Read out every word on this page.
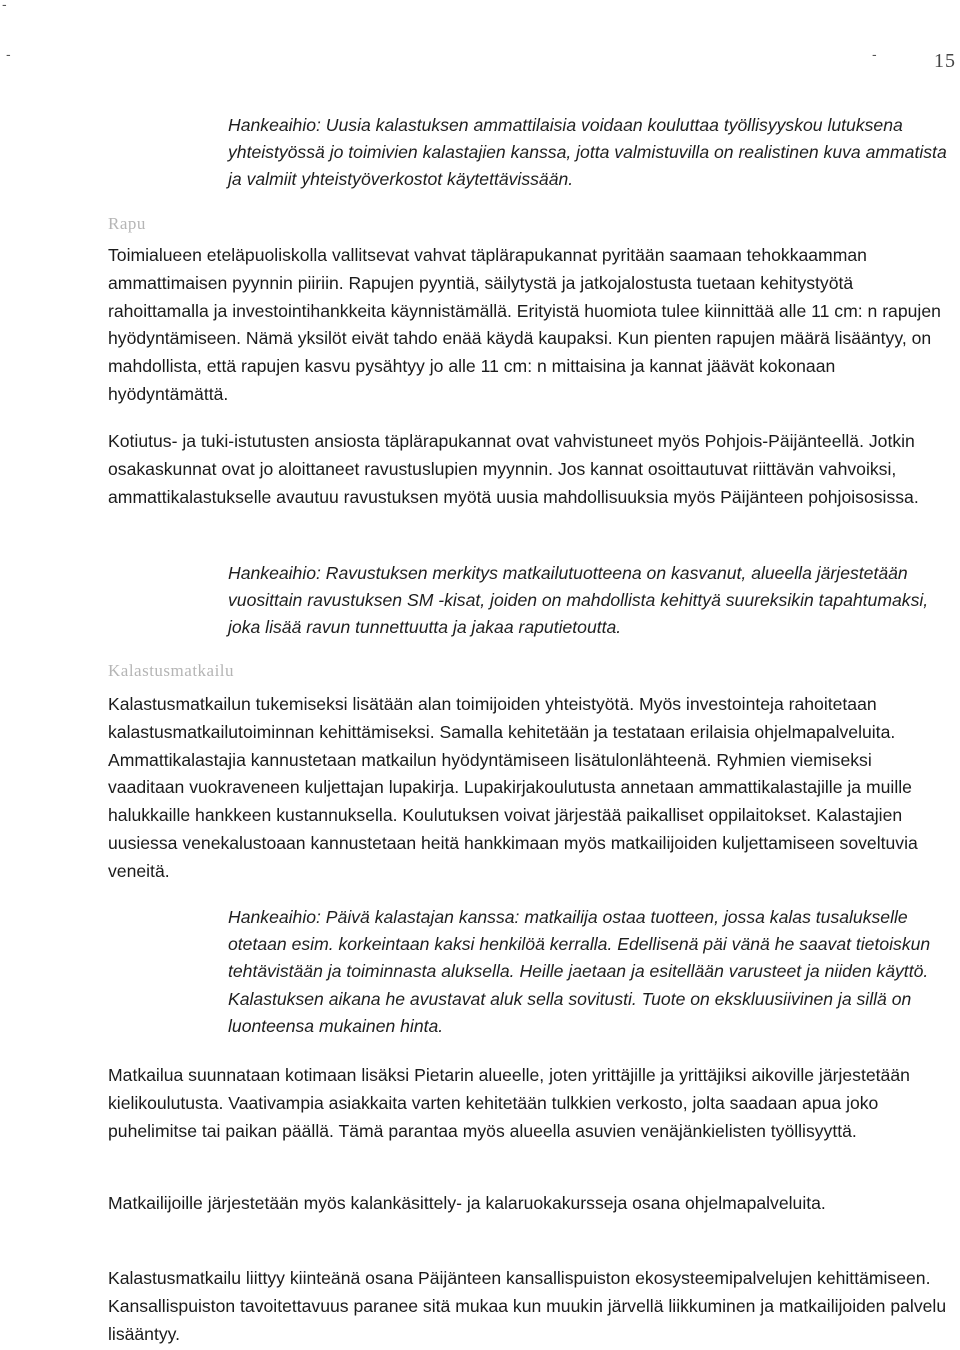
-
-	-	15

Hankeaihio: Uusia kalastuksen ammattilaisia voidaan kouluttaa työllisyyskou lutuksena yhteistyössä jo toimivien kalastajien kanssa, jotta valmistuvilla on realistinen kuva ammatista ja valmiit yhteistyöverkostot käytettävissään.

Rapu

Toimialueen eteläpuoliskolla vallitsevat vahvat täplärapukannat pyritään saamaan tehokkaamman ammattimaisen pyynnin piiriin. Rapujen pyyntiä, säilytystä ja jatkojalostusta tuetaan kehitystyötä rahoittamalla ja investointihankkeita käynnistämällä. Erityistä huomiota tulee kiinnittää alle 11 cm: n rapujen hyödyntämiseen. Nämä yksilöt eivät tahdo enää käydä kaupaksi. Kun pienten rapujen määrä lisääntyy, on mahdollista, että rapujen kasvu pysähtyy jo alle 11 cm: n mittaisina ja kannat jäävät kokonaan hyödyntämättä.

Kotiutus- ja tuki-istutusten ansiosta täplärapukannat ovat vahvistuneet myös Pohjois-Päijänteellä. Jotkin osakaskunnat ovat jo aloittaneet ravustuslupien myynnin. Jos kannat osoittautuvat riittävän vahvoiksi, ammattikalastukselle avautuu ravustuksen myötä uusia mahdollisuuksia myös Päijänteen pohjoisosissa.

Hankeaihio: Ravustuksen merkitys matkailutuotteena on kasvanut, alueella järjestetään vuosittain ravustuksen SM -kisat, joiden on mahdollista kehittyä suureksikin tapahtumaksi, joka lisää ravun tunnettuutta ja jakaa raputietoutta.

Kalastusmatkailu

Kalastusmatkailun tukemiseksi lisätään alan toimijoiden yhteistyötä. Myös investointeja rahoitetaan kalastusmatkailutoiminnan kehittämiseksi. Samalla kehitetään ja testataan erilaisia ohjelmapalveluita. Ammattikalastajia kannustetaan matkailun hyödyntämiseen lisätulonlähteenä. Ryhmien viemiseksi vaaditaan vuokraveneen kuljettajan lupakirja. Lupakirjakoulutusta annetaan ammattikalastajille ja muille halukkaille hankkeen kustannuksella. Koulutuksen voivat järjestää paikalliset oppilaitokset. Kalastajien uusiessa venekalustoaan kannustetaan heitä hankkimaan myös matkailijoiden kuljettamiseen soveltuvia veneitä.

Hankeaihio: Päivä kalastajan kanssa: matkailija ostaa tuotteen, jossa kalas tusalukselle otetaan esim. korkeintaan kaksi henkilöä kerralla. Edellisenä päi vänä he saavat tietoiskun tehtävistään ja toiminnasta aluksella. Heille jaetaan ja esitellään varusteet ja niiden käyttö. Kalastuksen aikana he avustavat aluk sella sovitusti. Tuote on ekskluusiivinen ja sillä on luonteensa mukainen hinta.

Matkailua suunnataan kotimaan lisäksi Pietarin alueelle, joten yrittäjille ja yrittäjiksi aikoville järjestetään kielikoulutusta. Vaativampia asiakkaita varten kehitetään tulkkien verkosto, jolta saadaan apua joko puhelimitse tai paikan päällä. Tämä parantaa myös alueella asuvien venäjänkielisten työllisyyttä.

Matkailijoille järjestetään myös kalankäsittely- ja kalaruokakursseja osana ohjelmapalveluita.

Kalastusmatkailu liittyy kiinteänä osana Päijänteen kansallispuiston ekosysteemipalvelujen kehittämiseen. Kansallispuiston tavoitettavuus paranee sitä mukaa kun muukin järvellä liikkuminen ja matkailijoiden palvelu lisääntyy.
